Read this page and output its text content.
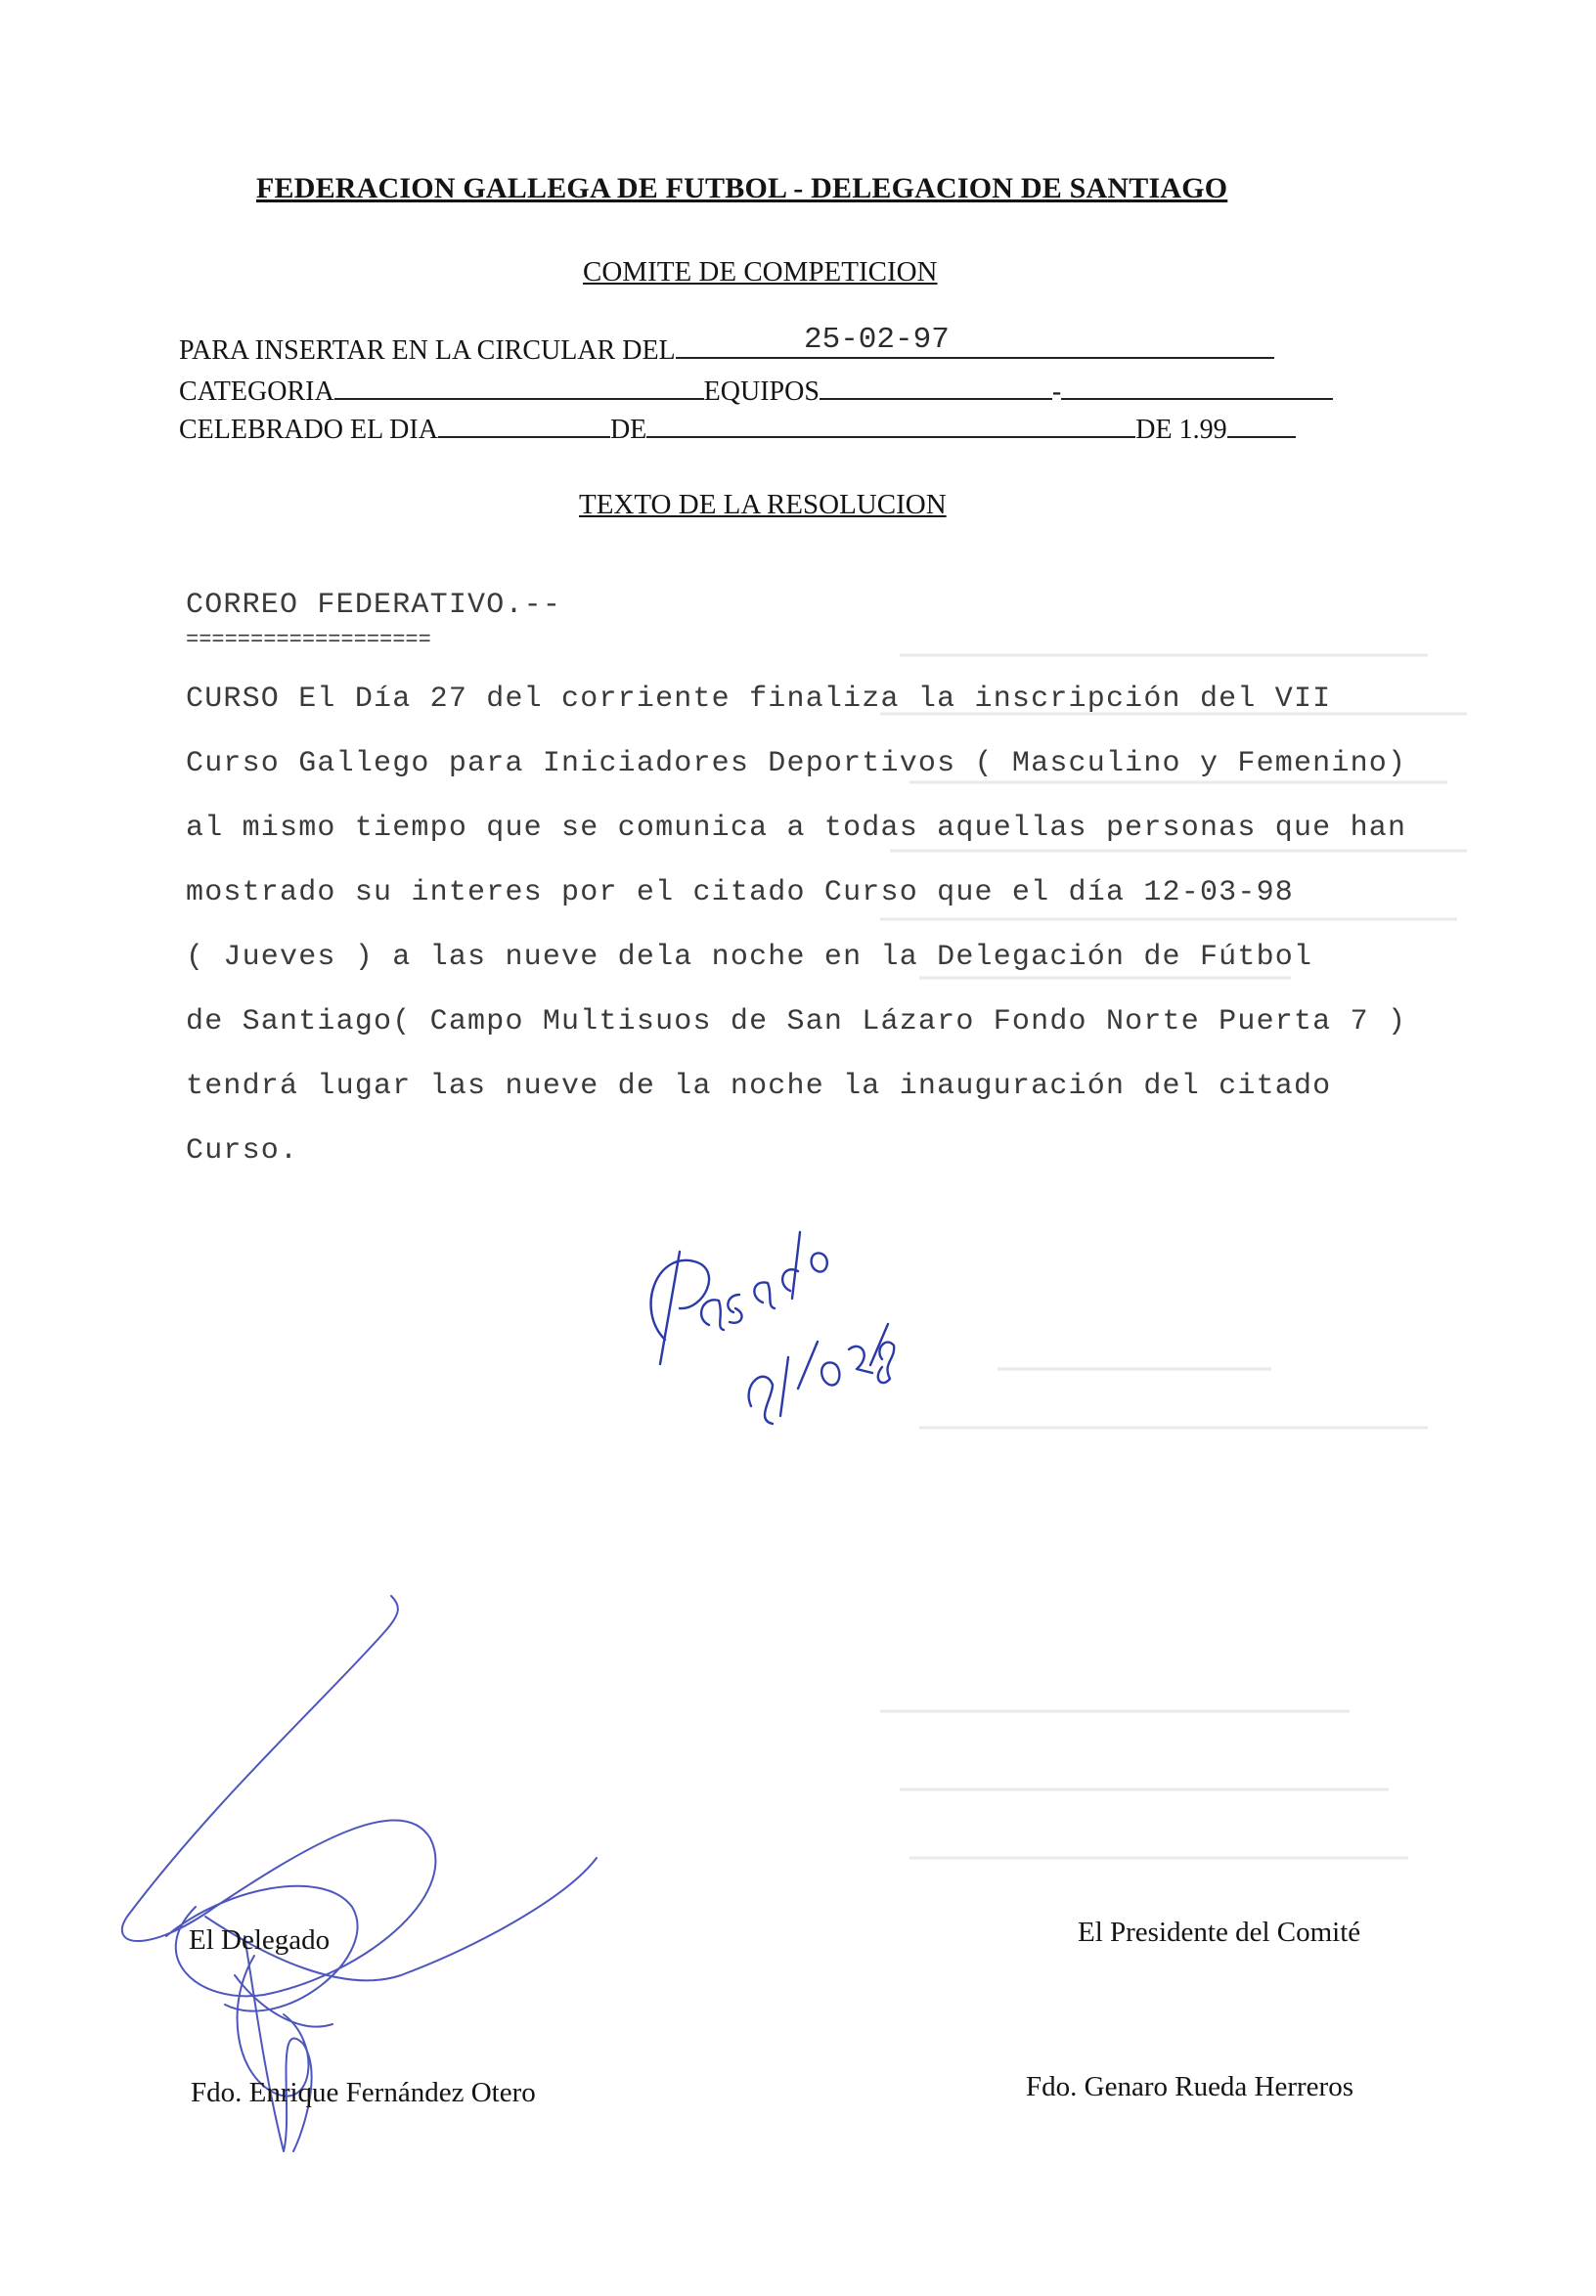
FEDERACION GALLEGA DE FUTBOL - DELEGACION DE SANTIAGO
COMITE DE COMPETICION
PARA INSERTAR EN LA CIRCULAR DEL	25-02-97
CATEGORIA	EQUIPOS	-
CELEBRADO EL DIA	DE	DE 1.99
TEXTO DE LA RESOLUCION
CORREO FEDERATIVO.--
===================
CURSO El Día 27 del corriente finaliza la inscripción del VII
Curso Gallego para Iniciadores Deportivos ( Masculino y Femenino)
al mismo tiempo que se comunica a todas aquellas personas que han
mostrado su interes por el citado Curso que el día 12-03-98
( Jueves ) a las nueve dela noche en la Delegación de Fútbol
de Santiago( Campo Multisuos de San Lázaro Fondo Norte Puerta 7 )
tendrá lugar las nueve de la noche la inauguración del citado
Curso.
El Delegado
Fdo. Enrique Fernández Otero
El Presidente del Comité
Fdo. Genaro Rueda Herreros
